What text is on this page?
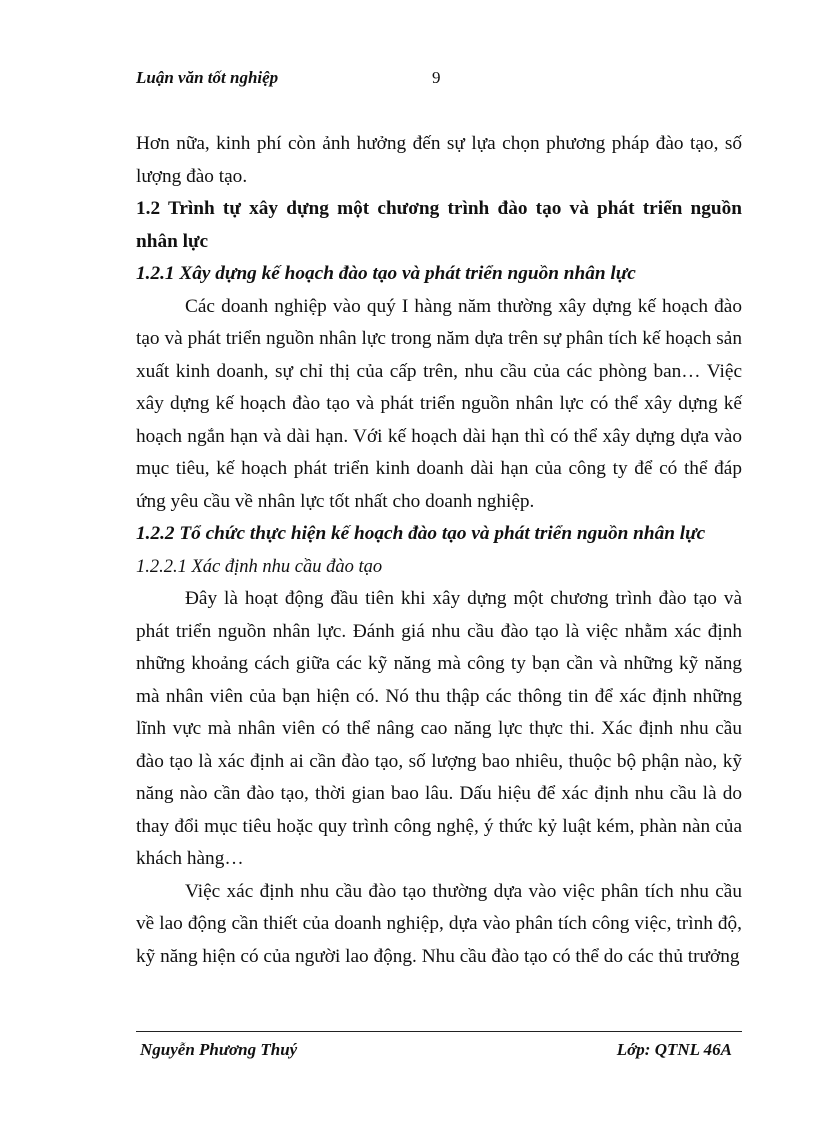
Luận văn tốt nghiệp	9

Hơn nữa, kinh phí còn ảnh hưởng đến sự lựa chọn phương pháp đào tạo, số lượng đào tạo.

1.2 Trình tự xây dựng một chương trình đào tạo và phát triển nguồn nhân lực

1.2.1 Xây dựng kế hoạch đào tạo và phát triển nguồn nhân lực

Các doanh nghiệp vào quý I hàng năm thường xây dựng kế hoạch đào tạo và phát triển nguồn nhân lực trong năm dựa trên sự phân tích kế hoạch sản xuất kinh doanh, sự chỉ thị của cấp trên, nhu cầu của các phòng ban… Việc xây dựng kế hoạch đào tạo và phát triển nguồn nhân lực có thể xây dựng kế hoạch ngắn hạn và dài hạn. Với kế hoạch dài hạn thì có thể xây dựng dựa vào mục tiêu, kế hoạch phát triển kinh doanh dài hạn của công ty để có thể đáp ứng yêu cầu về nhân lực tốt nhất cho doanh nghiệp.

1.2.2 Tổ chức thực hiện kế hoạch đào tạo và phát triển nguồn nhân lực

1.2.2.1 Xác định nhu cầu đào tạo

Đây là hoạt động đầu tiên khi xây dựng một chương trình đào tạo và phát triển nguồn nhân lực. Đánh giá nhu cầu đào tạo là việc nhằm xác định những khoảng cách giữa các kỹ năng mà công ty bạn cần và những kỹ năng mà nhân viên của bạn hiện có. Nó thu thập các thông tin để xác định những lĩnh vực mà nhân viên có thể nâng cao năng lực thực thi. Xác định nhu cầu đào tạo là xác định ai cần đào tạo, số lượng bao nhiêu, thuộc bộ phận nào, kỹ năng nào cần đào tạo, thời gian bao lâu. Dấu hiệu để xác định nhu cầu là do thay đổi mục tiêu hoặc quy trình công nghệ, ý thức kỷ luật kém, phàn nàn của khách hàng…

Việc xác định nhu cầu đào tạo thường dựa vào việc phân tích nhu cầu về lao động cần thiết của doanh nghiệp, dựa vào phân tích công việc, trình độ, kỹ năng hiện có của người lao động. Nhu cầu đào tạo có thể do các thủ trưởng

Nguyễn Phương Thuý	Lớp: QTNL 46A
